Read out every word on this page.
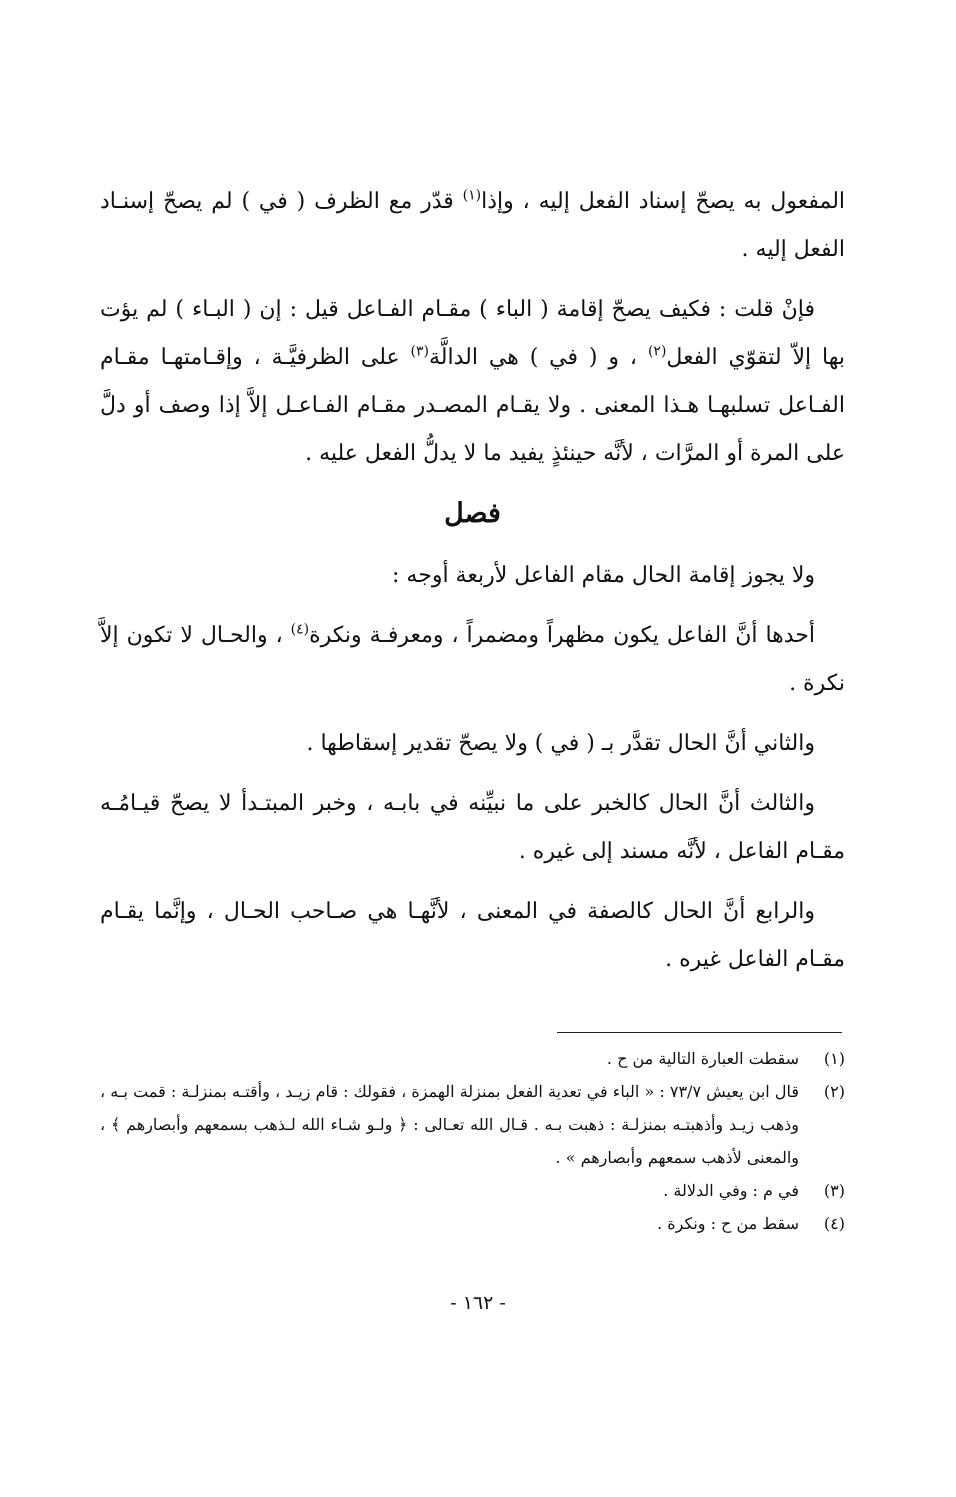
المفعول به يصحّ إسناد الفعل إليه ، وإذا$^{(١)}$ قدّر مع الظرف ( في ) لم يصحّ إسنـاد الفعل إليه .

فإنْ قلت : فكيف يصحّ إقامة ( الباء ) مقـام الفـاعل قيل : إن ( البـاء ) لم يؤت بها إلاّ لتقوّي الفعل$^{(٢)}$ ، و ( في ) هي الدالَّة$^{(٣)}$ على الظرفيَّـة ، وإقـامتهـا مقـام الفـاعل تسلبهـا هـذا المعنى . ولا يقـام المصـدر مقـام الفـاعـل إلاَّ إذا وصف أو دلَّ على المرة أو المرَّات ، لأنَّه حينئذٍ يفيد ما لا يدلُّ الفعل عليه .

فصل

ولا يجوز إقامة الحال مقام الفاعل لأربعة أوجه :

أحدها أنَّ الفاعل يكون مظهراً ومضمراً ، ومعرفـة ونكرة$^{(٤)}$ ، والحـال لا تكون إلاَّ نكرة .

والثاني أنَّ الحال تقدَّر بـ ( في ) ولا يصحّ تقدير إسقاطها .

والثالث أنَّ الحال كالخبر على ما نبيِّنه في بابـه ، وخبر المبتـدأ لا يصحّ قيـامُـه مقـام الفاعل ، لأنَّه مسند إلى غيره .

والرابع أنَّ الحال كالصفة في المعنى ، لأنَّهـا هي صـاحب الحـال ، وإنَّما يقـام مقـام الفاعل غيره .

(١)
سقطت العبارة التالية من ح .
(٢)
قال ابن يعيش ٧٣/٧ : « الباء في تعدية الفعل بمنزلة الهمزة ، فقولك : قام زيـد ، وأقتـه بمنزلـة : قمت بـه ، وذهب زيـد وأذهبتـه بمنزلـة : ذهبت بـه . قـال الله تعـالى : ﴿ ولـو شـاء الله لـذهب بسمعهم وأبصارهم ﴾ ، والمعنى لأذهب سمعهم وأبصارهم » .
(٣)
في م : وفي الدلالة .
(٤)
سقط من ح : ونكرة .
- ١٦٢ -
